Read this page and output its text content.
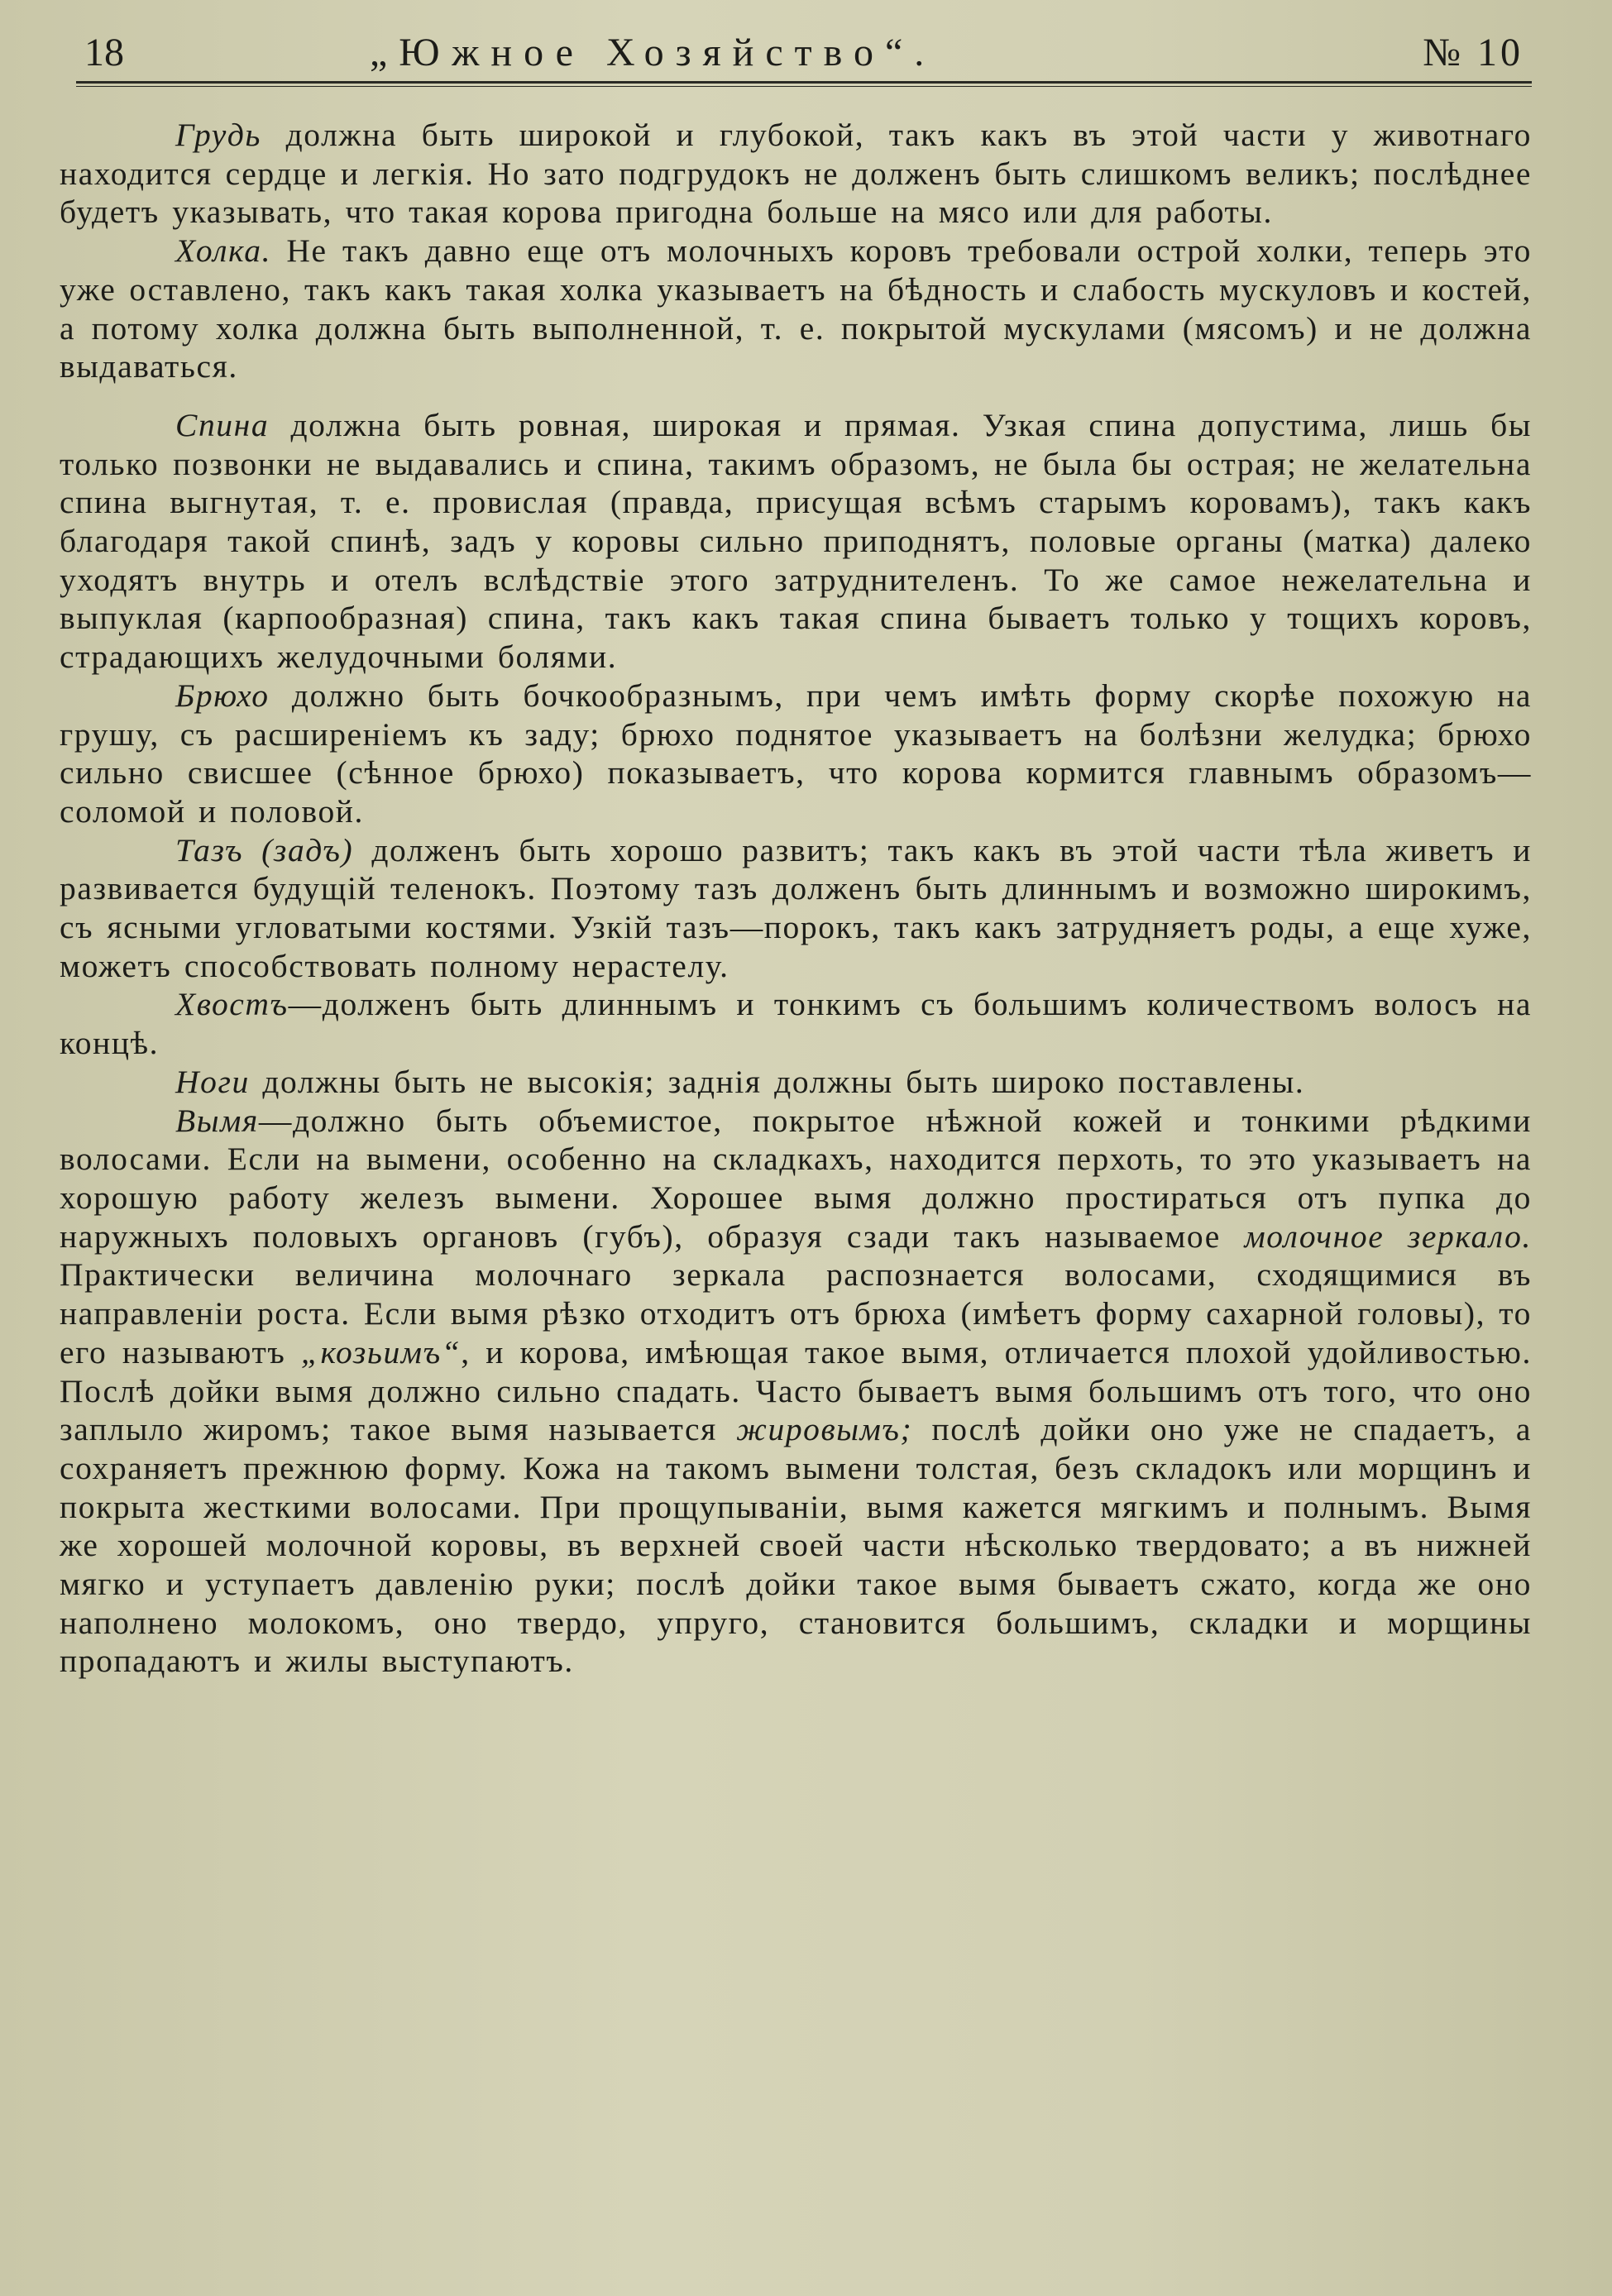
18	„Южное Хозяйство“.	№ 10

Грудь должна быть широкой и глубокой, такъ какъ въ этой части у животнаго находится сердце и легкія. Но зато подгрудокъ не долженъ быть слишкомъ великъ; послѣднее будетъ указывать, что такая корова пригодна больше на мясо или для работы.

Холка. Не такъ давно еще отъ молочныхъ коровъ требовали острой холки, теперь это уже оставлено, такъ какъ такая холка указываетъ на бѣдность и слабость мускуловъ и костей, а потому холка должна быть выполненной, т. е. покрытой мускулами (мясомъ) и не должна выдаваться.

Спина должна быть ровная, широкая и прямая. Узкая спина допустима, лишь бы только позвонки не выдавались и спина, такимъ образомъ, не была бы острая; не желательна спина выгнутая, т. е. провислая (правда, присущая всѣмъ старымъ коровамъ), такъ какъ благодаря такой спинѣ, задъ у коровы сильно приподнятъ, половые органы (матка) далеко уходятъ внутрь и отелъ вслѣдствіе этого затруднителенъ. То же самое нежелательна и выпуклая (карпообразная) спина, такъ какъ такая спина бываетъ только у тощихъ коровъ, страдающихъ желудочными болями.

Брюхо должно быть бочкообразнымъ, при чемъ имѣть форму скорѣе похожую на грушу, съ расширеніемъ къ заду; брюхо поднятое указываетъ на болѣзни желудка; брюхо сильно свисшее (сѣнное брюхо) показываетъ, что корова кормится главнымъ образомъ—соломой и половой.

Тазъ (задъ) долженъ быть хорошо развитъ; такъ какъ въ этой части тѣла живетъ и развивается будущій теленокъ. Поэтому тазъ долженъ быть длиннымъ и возможно широкимъ, съ ясными угловатыми костями. Узкій тазъ—порокъ, такъ какъ затрудняетъ роды, а еще хуже, можетъ способствовать полному нерастелу.

Хвостъ—долженъ быть длиннымъ и тонкимъ съ большимъ количествомъ волосъ на концѣ.

Ноги должны быть не высокія; заднія должны быть широко поставлены.

Вымя—должно быть объемистое, покрытое нѣжной кожей и тонкими рѣдкими волосами. Если на вымени, особенно на складкахъ, находится перхоть, то это указываетъ на хорошую работу железъ вымени. Хорошее вымя должно простираться отъ пупка до наружныхъ половыхъ органовъ (губъ), образуя сзади такъ называемое молочное зеркало. Практически величина молочнаго зеркала распознается волосами, сходящимися въ направленіи роста. Если вымя рѣзко отходитъ отъ брюха (имѣетъ форму сахарной головы), то его называютъ „козьимъ“, и корова, имѣющая такое вымя, отличается плохой удойливостью. Послѣ дойки вымя должно сильно спадать. Часто бываетъ вымя большимъ отъ того, что оно заплыло жиромъ; такое вымя называется жировымъ; послѣ дойки оно уже не спадаетъ, а сохраняетъ прежнюю форму. Кожа на такомъ вымени толстая, безъ складокъ или морщинъ и покрыта жесткими волосами. При прощупываніи, вымя кажется мягкимъ и полнымъ. Вымя же хорошей молочной коровы, въ верхней своей части нѣсколько твердовато; а въ нижней мягко и уступаетъ давленію руки; послѣ дойки такое вымя бываетъ сжато, когда же оно наполнено молокомъ, оно твердо, упруго, становится большимъ, складки и морщины пропадаютъ и жилы выступаютъ.
